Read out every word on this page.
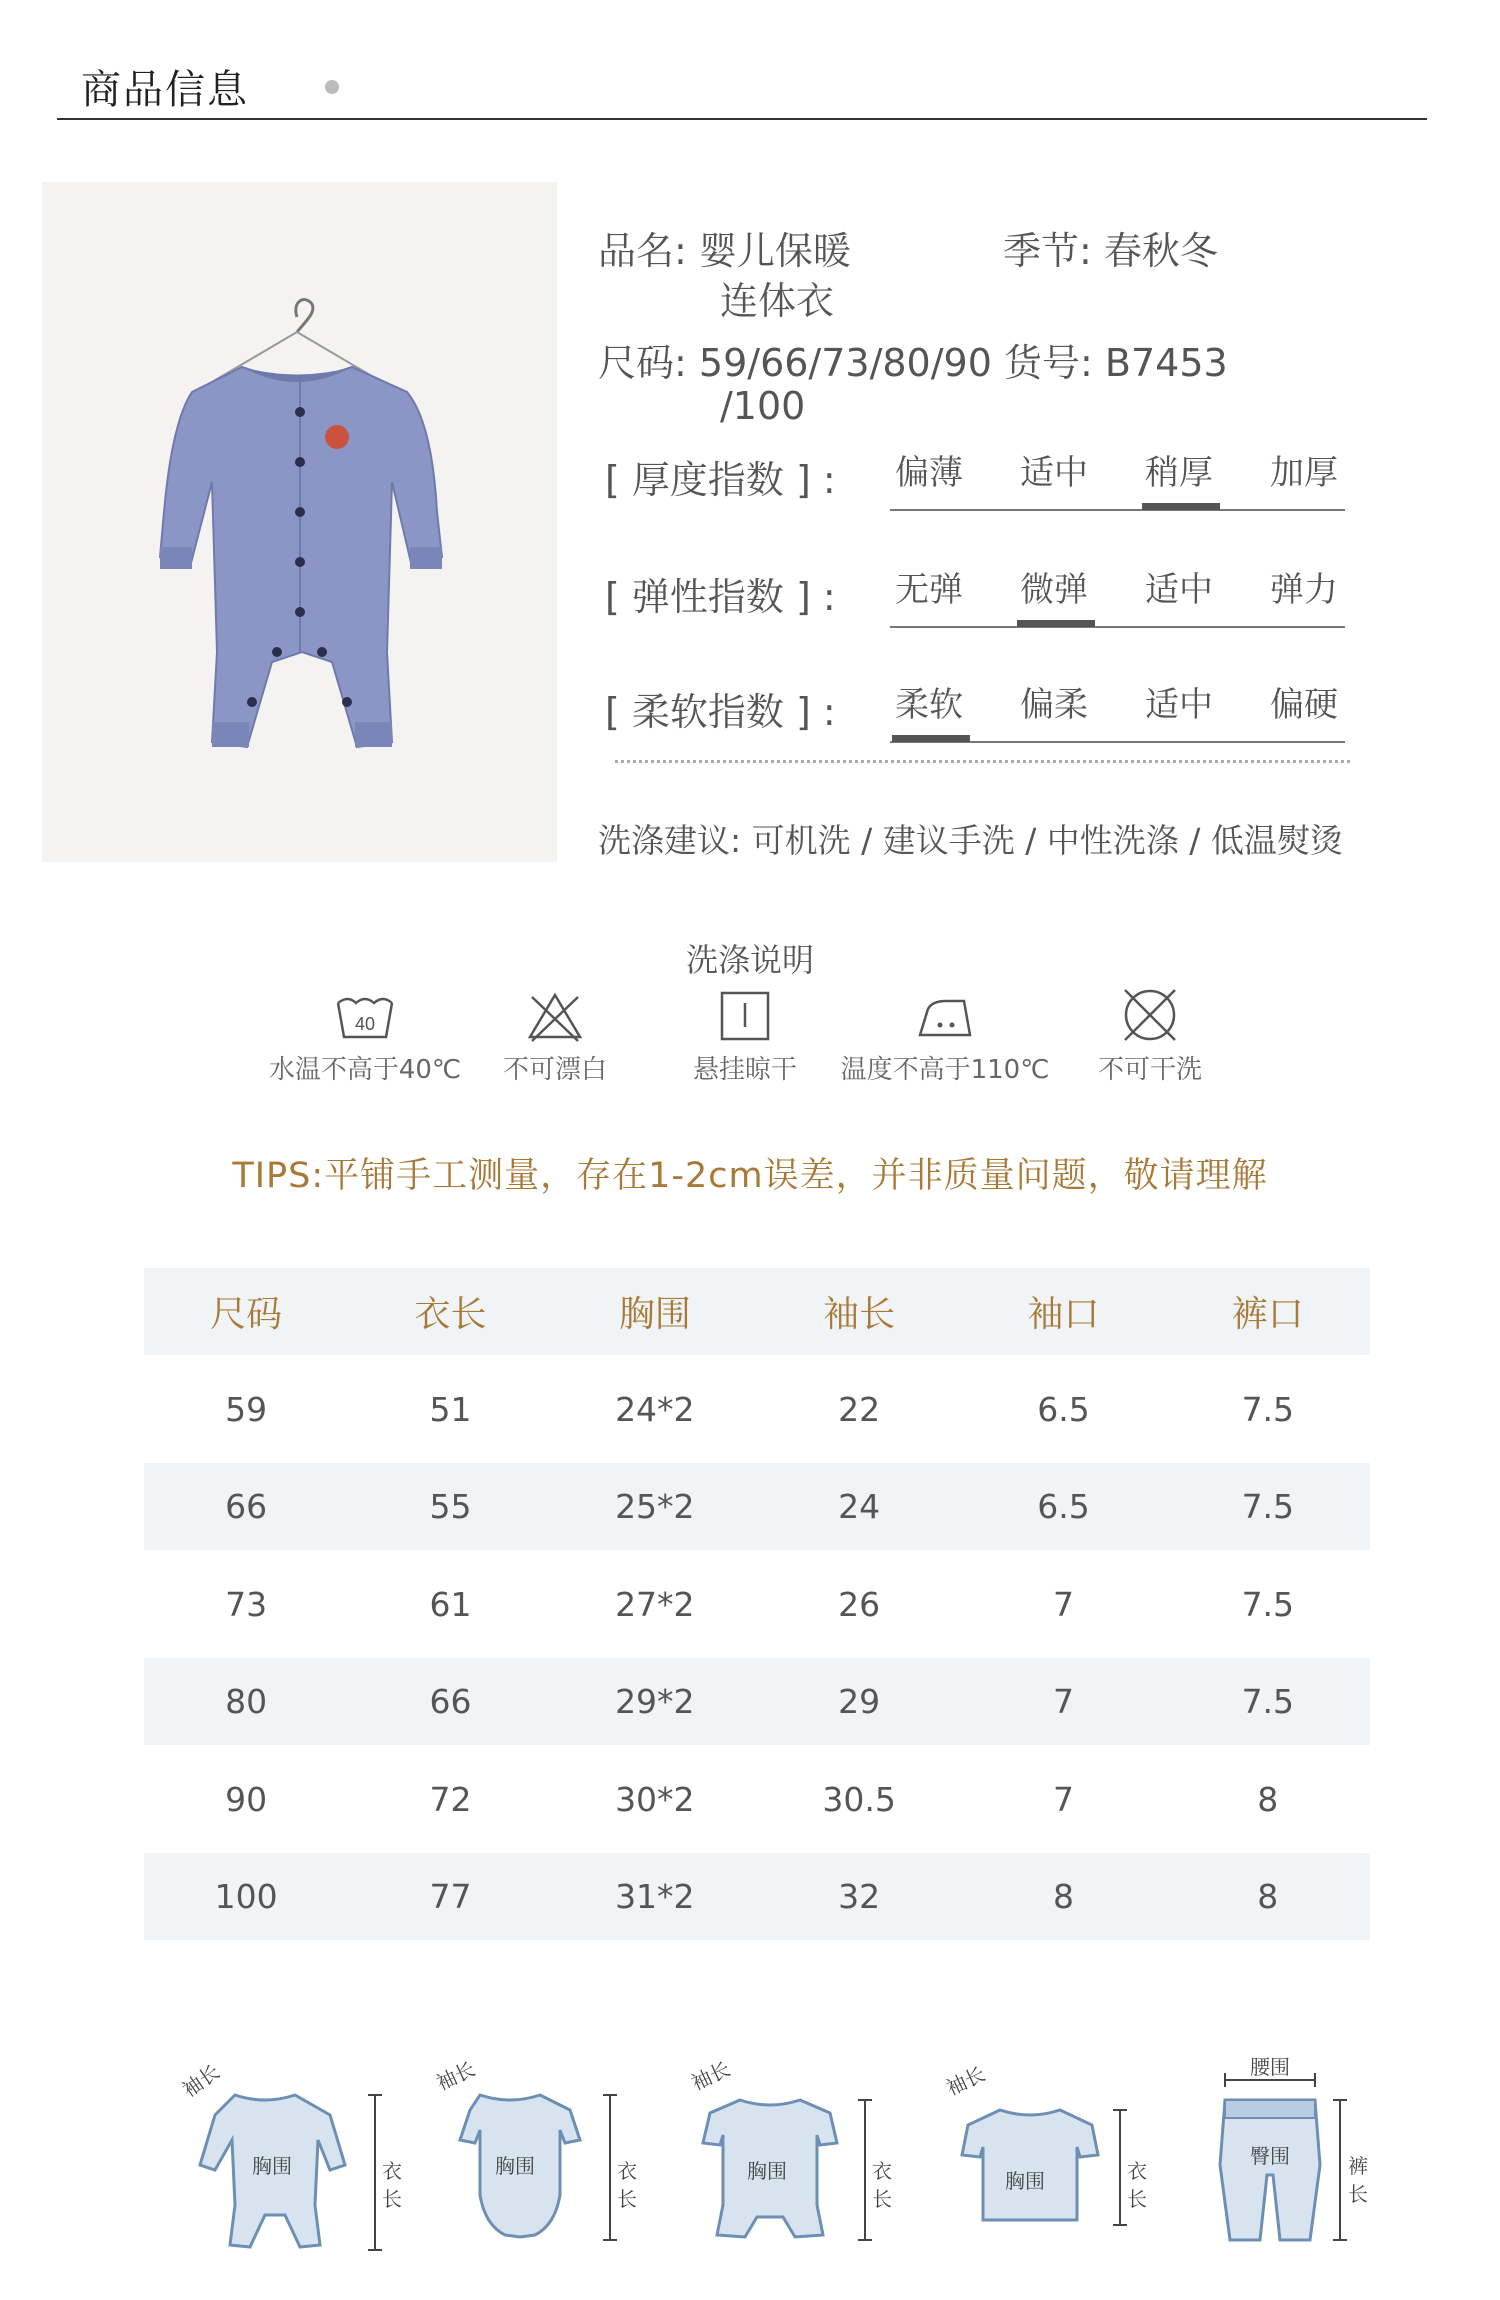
商品信息
品名: 婴儿保暖
连体衣
季节: 春秋冬
尺码: 59/66/73/80/90 货号: B7453
/100
[ 厚度指数 ] : 偏薄 适中 稍厚 加厚
[ 弹性指数 ] : 无弹 微弹 适中 弹力
[ 柔软指数 ] : 柔软 偏柔 适中 偏硬
洗涤建议: 可机洗 / 建议手洗 / 中性洗涤 / 低温熨烫
洗涤说明
40
水温不高于40℃	不可漂白	悬挂晾干	温度不高于110℃	不可干洗
TIPS:平铺手工测量，存在1-2cm误差，并非质量问题，敬请理解
尺码	衣长	胸围	袖长	袖口	裤口
59	51	24*2	22	6.5	7.5
66	55	25*2	24	6.5	7.5
73	61	27*2	26	7	7.5
80	66	29*2	29	7	7.5
90	72	30*2	30.5	7	8
100	77	31*2	32	8	8
袖长
胸围	衣
长
袖长
胸围	衣
长
袖长
胸围	衣
长
袖长
胸围	衣
长
腰围
臀围	裤
长
